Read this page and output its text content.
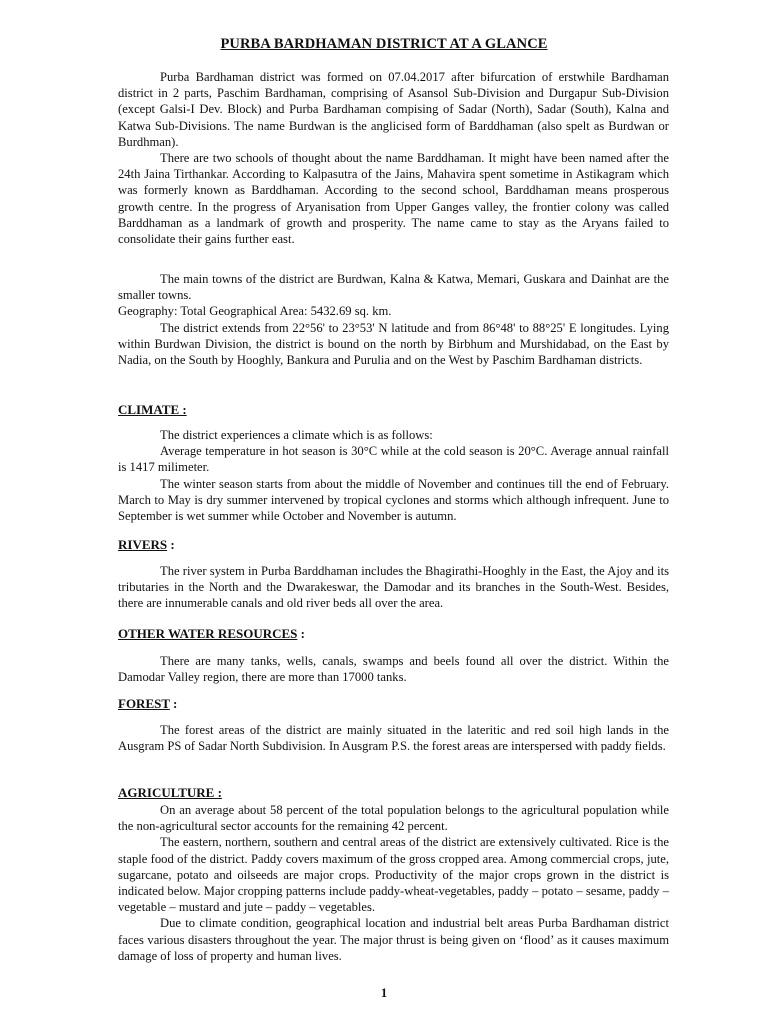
PURBA BARDHAMAN DISTRICT AT A GLANCE

Purba Bardhaman district was formed on 07.04.2017 after bifurcation of erstwhile Bardhaman district in 2 parts, Paschim Bardhaman, comprising of Asansol Sub-Division and Durgapur Sub-Division (except Galsi-I Dev. Block) and Purba Bardhaman compising of Sadar (North), Sadar (South), Kalna and Katwa Sub-Divisions. The name Burdwan is the anglicised form of Barddhaman (also spelt as Burdwan or Burdhman).

There are two schools of thought about the name Barddhaman. It might have been named after the 24th Jaina Tirthankar. According to Kalpasutra of the Jains, Mahavira spent sometime in Astikagram which was formerly known as Barddhaman. According to the second school, Barddhaman means prosperous growth centre. In the progress of Aryanisation from Upper Ganges valley, the frontier colony was called Barddhaman as a landmark of growth and prosperity. The name came to stay as the Aryans failed to consolidate their gains further east.

The main towns of the district are Burdwan, Kalna & Katwa, Memari, Guskara and Dainhat are the smaller towns.

Geography: Total Geographical Area: 5432.69 sq. km.

The district extends from 22°56' to 23°53' N latitude and from 86°48' to 88°25' E longitudes. Lying within Burdwan Division, the district is bound on the north by Birbhum and Murshidabad, on the East by Nadia, on the South by Hooghly, Bankura and Purulia and on the West by Paschim Bardhaman districts.

CLIMATE :

The district experiences a climate which is as follows:

Average temperature in hot season is 30°C while at the cold season is 20°C. Average annual rainfall is 1417 milimeter.

The winter season starts from about the middle of November and continues till the end of February. March to May is dry summer intervened by tropical cyclones and storms which although infrequent. June to September is wet summer while October and November is autumn.

RIVERS :

The river system in Purba Barddhaman includes the Bhagirathi-Hooghly in the East, the Ajoy and its tributaries in the North and the Dwarakeswar, the Damodar and its branches in the South-West. Besides, there are innumerable canals and old river beds all over the area.

OTHER WATER RESOURCES :

There are many tanks, wells, canals, swamps and beels found all over the district. Within the Damodar Valley region, there are more than 17000 tanks.

FOREST :

The forest areas of the district are mainly situated in the lateritic and red soil high lands in the Ausgram PS of Sadar North Subdivision. In Ausgram P.S. the forest areas are interspersed with paddy fields.

AGRICULTURE :

On an average about 58 percent of the total population belongs to the agricultural population while the non-agricultural sector accounts for the remaining 42 percent.

The eastern, northern, southern and central areas of the district are extensively cultivated. Rice is the staple food of the district. Paddy covers maximum of the gross cropped area. Among commercial crops, jute, sugarcane, potato and oilseeds are major crops. Productivity of the major crops grown in the district is indicated below. Major cropping patterns include paddy-wheat-vegetables, paddy – potato – sesame, paddy – vegetable – mustard and jute – paddy – vegetables.

Due to climate condition, geographical location and industrial belt areas Purba Bardhaman district faces various disasters throughout the year. The major thrust is being given on ‘flood’ as it causes maximum damage of loss of property and human lives.

1
